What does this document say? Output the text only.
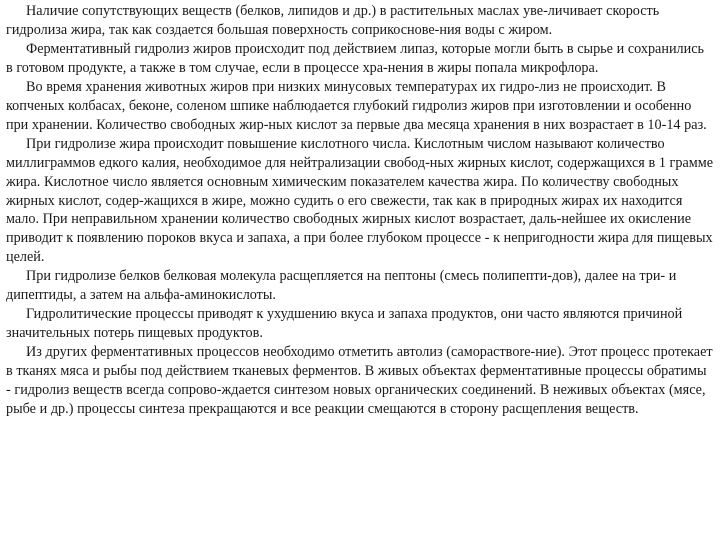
Наличие сопутствующих веществ (белков, липидов и др.) в растительных маслах уве-личивает скорость гидролиза жира, так как создается большая поверхность соприкоснове-ния воды с жиром.

Ферментативный гидролиз жиров происходит под действием липаз, которые могли быть в сырье и сохранились в готовом продукте, а также в том случае, если в процессе хра-нения в жиры попала микрофлора.

Во время хранения животных жиров при низких минусовых температурах их гидро-лиз не происходит. В копченых колбасах, беконе, соленом шпике наблюдается глубокий гидролиз жиров при изготовлении и особенно при хранении. Количество свободных жир-ных кислот за первые два месяца хранения в них возрастает в 10-14 раз.

При гидролизе жира происходит повышение кислотного числа. Кислотным числом называют количество миллиграммов едкого калия, необходимое для нейтрализации свобод-ных жирных кислот, содержащихся в 1 грамме жира. Кислотное число является основным химическим показателем качества жира. По количеству свободных жирных кислот, содер-жащихся в жире, можно судить о его свежести, так как в природных жирах их находится мало. При неправильном хранении количество свободных жирных кислот возрастает, даль-нейшее их окисление приводит к появлению пороков вкуса и запаха, а при более глубоком процессе - к непригодности жира для пищевых целей.

При гидролизе белков белковая молекула расщепляется на пептоны (смесь полипепти-дов), далее на три- и дипептиды, а затем на альфа-аминокислоты.

Гидролитические процессы приводят к ухудшению вкуса и запаха продуктов, они часто являются причиной значительных потерь пищевых продуктов.

Из других ферментативных процессов необходимо отметить автолиз (самораствore-ние). Этот процесс протекает в тканях мяса и рыбы под действием тканевых ферментов. В живых объектах ферментативные процессы обратимы - гидролиз веществ всегда сопрово-ждается синтезом новых органических соединений. В неживых объектах (мясе, рыбе и др.) процессы синтеза прекращаются и все реакции смещаются в сторону расщепления веществ.
